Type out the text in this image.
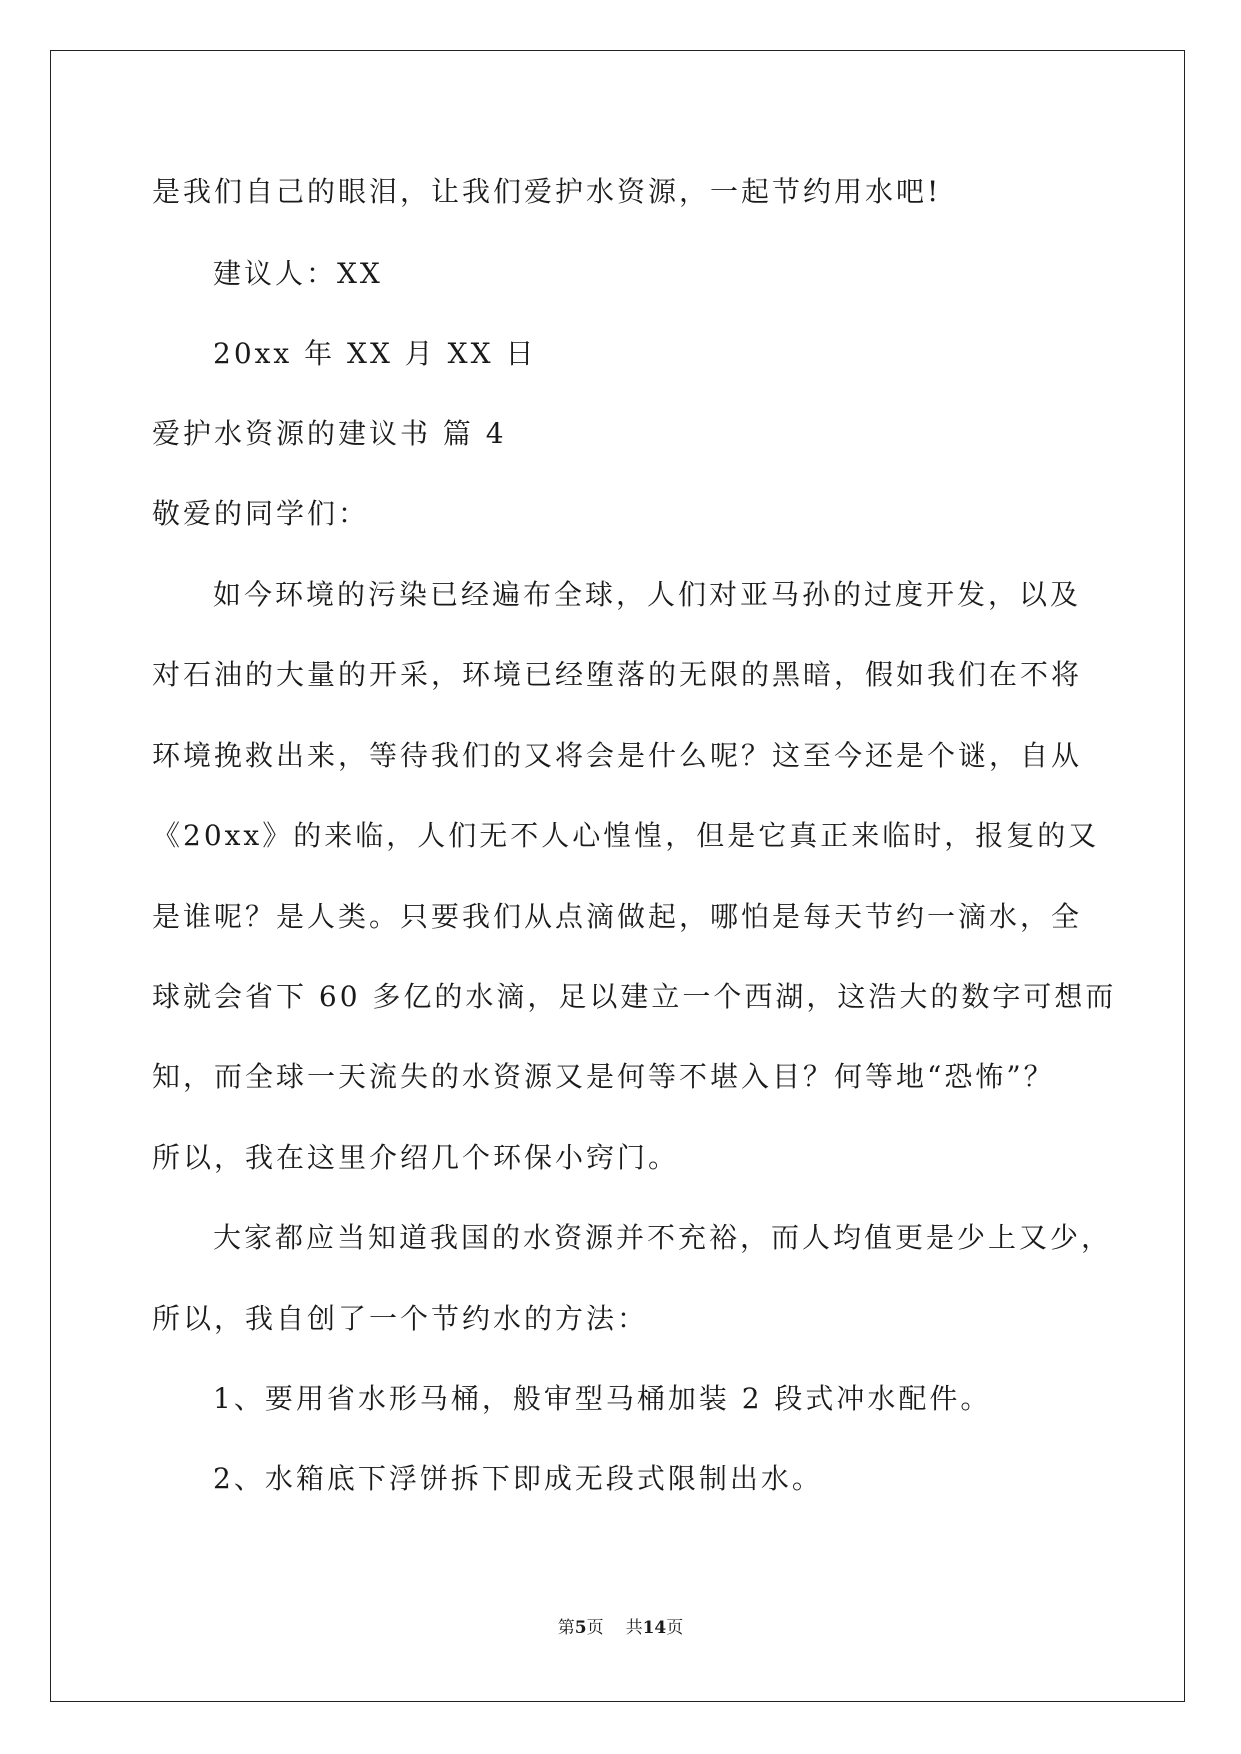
是我们自己的眼泪，让我们爱护水资源，一起节约用水吧!
建议人：XX
20xx 年 XX 月 XX 日
爱护水资源的建议书 篇 4
敬爱的同学们：
如今环境的污染已经遍布全球，人们对亚马孙的过度开发，以及
对石油的大量的开采，环境已经堕落的无限的黑暗，假如我们在不将
环境挽救出来，等待我们的又将会是什么呢？这至今还是个谜，自从
《20xx》的来临，人们无不人心惶惶，但是它真正来临时，报复的又
是谁呢？是人类。只要我们从点滴做起，哪怕是每天节约一滴水，全
球就会省下 60 多亿的水滴，足以建立一个西湖，这浩大的数字可想而
知，而全球一天流失的水资源又是何等不堪入目？何等地“恐怖”？
所以，我在这里介绍几个环保小窍门。
大家都应当知道我国的水资源并不充裕，而人均值更是少上又少，
所以，我自创了一个节约水的方法：
1、要用省水形马桶，般审型马桶加装 2 段式冲水配件。
2、水箱底下浮饼拆下即成无段式限制出水。
第5页 共14页
